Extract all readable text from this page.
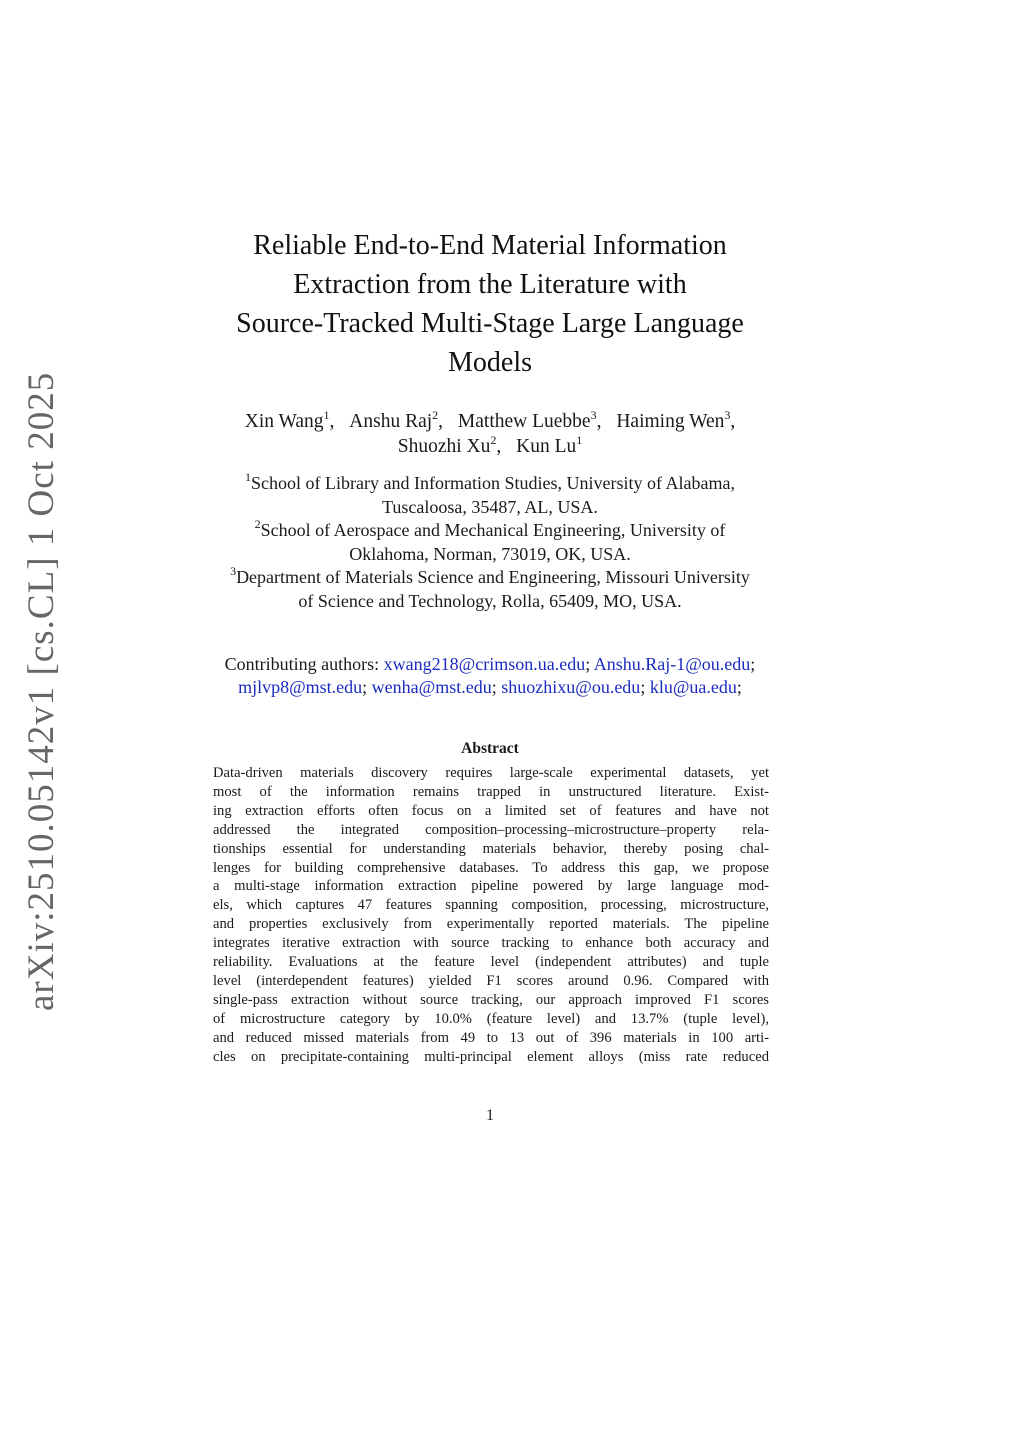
arXiv:2510.05142v1 [cs.CL] 1 Oct 2025
Reliable End-to-End Material Information
Extraction from the Literature with
Source-Tracked Multi-Stage Large Language
Models
Xin Wang$^1$, Anshu Raj$^2$, Matthew Luebbe$^3$, Haiming Wen$^3$,
Shuozhi Xu$^2$, Kun Lu$^1$
$^1$School of Library and Information Studies, University of Alabama,
Tuscaloosa, 35487, AL, USA.
$^2$School of Aerospace and Mechanical Engineering, University of
Oklahoma, Norman, 73019, OK, USA.
$^3$Department of Materials Science and Engineering, Missouri University
of Science and Technology, Rolla, 65409, MO, USA.
Contributing authors: xwang218@crimson.ua.edu; Anshu.Raj-1@ou.edu;
mjlvp8@mst.edu; wenha@mst.edu; shuozhixu@ou.edu; klu@ua.edu;
Abstract
Data-driven materials discovery requires large-scale experimental datasets, yet
most of the information remains trapped in unstructured literature. Exist-
ing extraction efforts often focus on a limited set of features and have not
addressed the integrated composition–processing–microstructure–property rela-
tionships essential for understanding materials behavior, thereby posing chal-
lenges for building comprehensive databases. To address this gap, we propose
a multi-stage information extraction pipeline powered by large language mod-
els, which captures 47 features spanning composition, processing, microstructure,
and properties exclusively from experimentally reported materials. The pipeline
integrates iterative extraction with source tracking to enhance both accuracy and
reliability. Evaluations at the feature level (independent attributes) and tuple
level (interdependent features) yielded F1 scores around 0.96. Compared with
single-pass extraction without source tracking, our approach improved F1 scores
of microstructure category by 10.0% (feature level) and 13.7% (tuple level),
and reduced missed materials from 49 to 13 out of 396 materials in 100 arti-
cles on precipitate-containing multi-principal element alloys (miss rate reduced
1
